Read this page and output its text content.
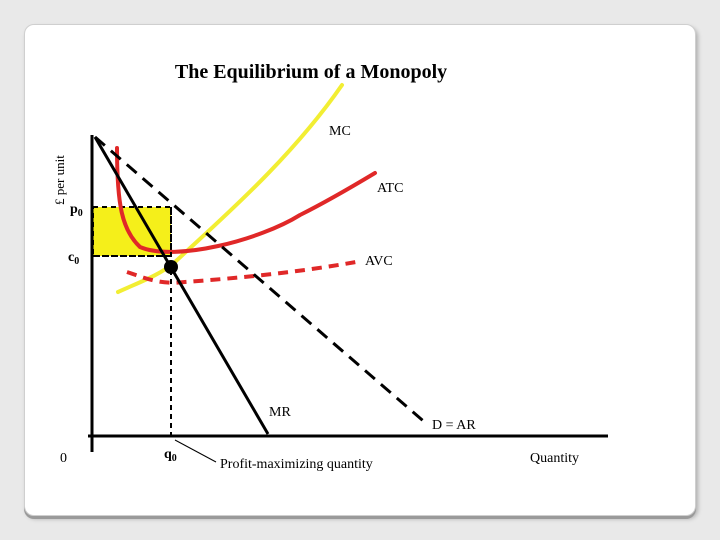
The Equilibrium of a Monopoly
£ per unit
MC
ATC
AVC
MR
D = AR
$p_0$
$c_0$
0	$q_0$	Profit-maximizing quantity	Quantity
